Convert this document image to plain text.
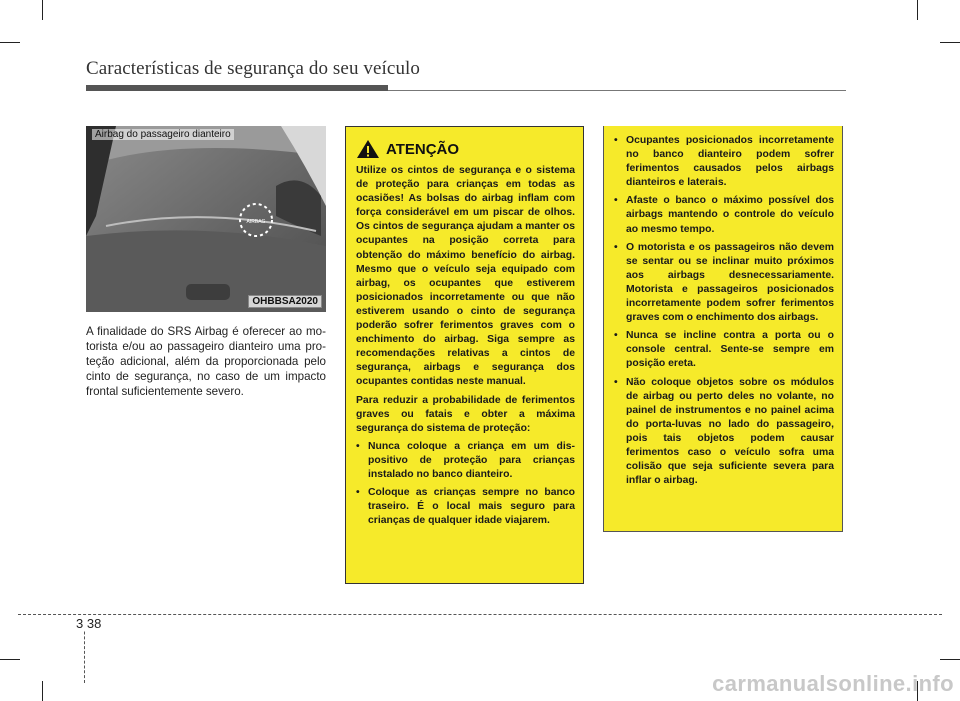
Características de segurança do seu veículo
AIRBAG
Airbag do passageiro dianteiro
OHBBSA2020
A finalidade do SRS Airbag é oferecer ao motorista e/ou ao passageiro dianteiro uma proteção adicional, além da proporcionada pelo cinto de segurança, no caso de um impacto frontal suficientemente severo.
ATENÇÃO

Utilize os cintos de segurança e o sistema de proteção para crianças em todas as ocasiões! As bolsas do airbag inflam com força considerável em um piscar de olhos. Os cintos de segurança ajudam a manter os ocupantes na posição correta para obtenção do máximo benefício do airbag. Mesmo que o veículo seja equipado com airbag, os ocupantes que estiverem posicionados incorretamente ou que não estiverem usando o cinto de segurança poderão sofrer ferimentos graves com o enchimento do airbag. Siga sempre as recomendações relativas a cintos de segurança, airbags e segurança dos ocupantes contidas neste manual.

Para reduzir a probabilidade de ferimentos graves ou fatais e obter a máxima segurança do sistema de proteção:

• Nunca coloque a criança em um dispositivo de proteção para crianças instalado no banco dianteiro.
• Coloque as crianças sempre no banco traseiro. É o local mais seguro para crianças de qualquer idade viajarem.
• Ocupantes posicionados incorretamente no banco dianteiro podem sofrer ferimentos causados pelos airbags dianteiros e laterais.
• Afaste o banco o máximo possível dos airbags mantendo o controle do veículo ao mesmo tempo.
• O motorista e os passageiros não devem se sentar ou se inclinar muito próximos aos airbags desnecessariamente. Motorista e passageiros posicionados incorretamente podem sofrer ferimentos graves com o enchimento dos airbags.
• Nunca se incline contra a porta ou o console central. Sente-se sempre em posição ereta.
• Não coloque objetos sobre os módulos de airbag ou perto deles no volante, no painel de instrumentos e no painel acima do porta-luvas no lado do passageiro, pois tais objetos podem causar ferimentos caso o veículo sofra uma colisão que seja suficiente severa para inflar o airbag.
3 38
carmanualsonline.info
